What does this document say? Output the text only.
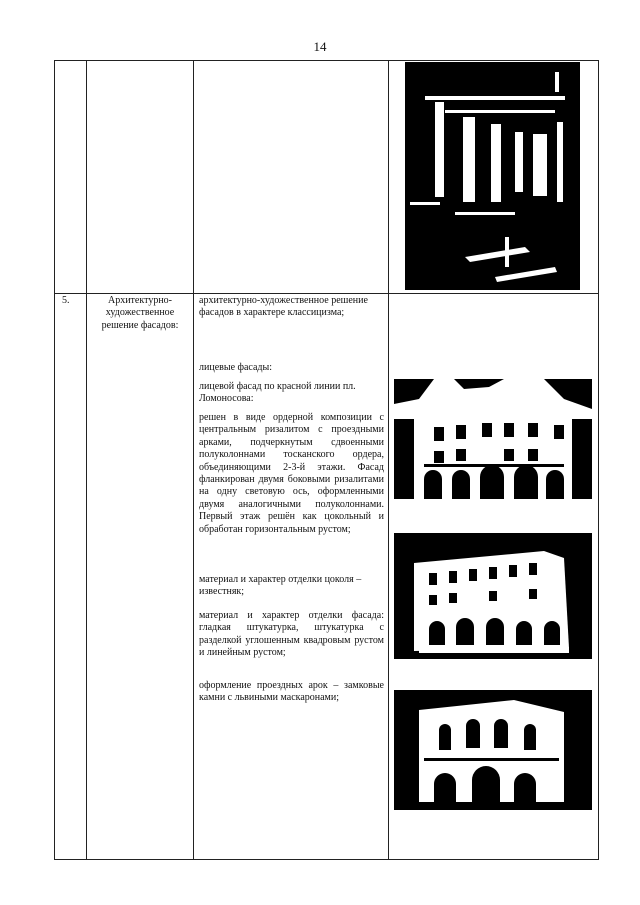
14
5.	Архитектурно-художественное решение фасадов:
архитектурно-художественное решение фасадов в характере классицизма;
лицевые фасады:
лицевой фасад по красной линии пл. Ломоносова:
решен в виде ордерной композиции с центральным ризалитом с проездными арками, подчеркнутым сдвоенными полуколоннами тосканского ордера, объединяющими 2-3-й этажи. Фасад фланкирован двумя боковыми ризалитами на одну световую ось, оформленными двумя аналогичными полуколоннами. Первый этаж решён как цокольный и обработан горизонтальным рустом;
материал и характер отделки цоколя – известняк;
материал и характер отделки фасада: гладкая штукатурка, штукатурка с разделкой углошенным квадровым рустом и линейным рустом;
оформление проездных арок – замковые камни с львиными маскаронами;
